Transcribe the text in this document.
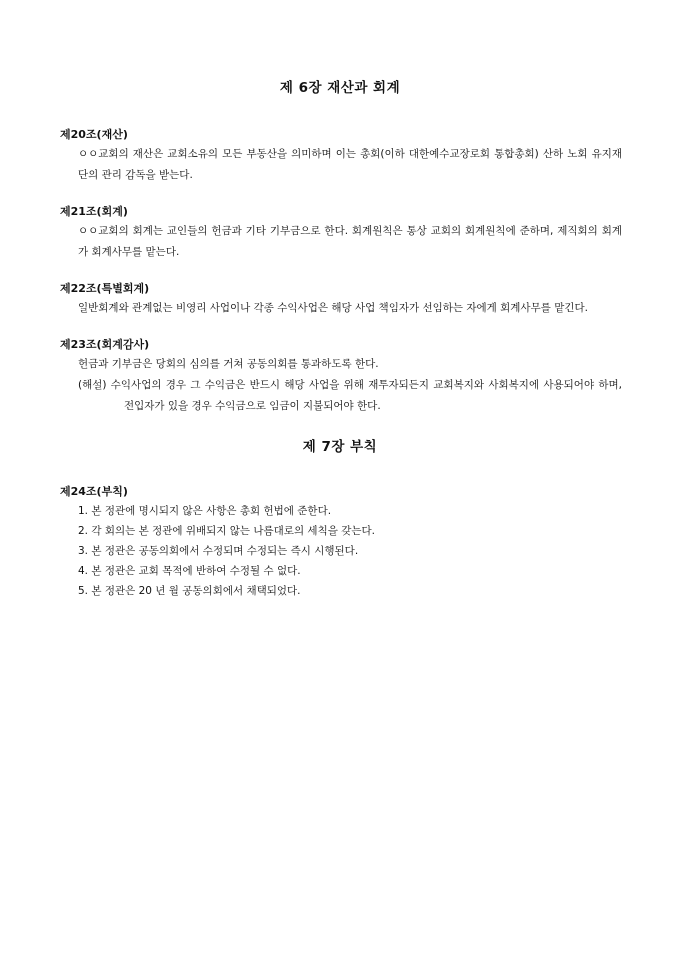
제 6장 재산과 회계

제20조(재산)

ㅇㅇ교회의 재산은 교회소유의 모든 부동산을 의미하며 이는 총회(이하 대한예수교장로회 통합총회) 산하 노회 유지재단의 관리 감독을 받는다.

제21조(회계)

ㅇㅇ교회의 회계는 교인들의 헌금과 기타 기부금으로 한다. 회계원칙은 통상 교회의 회계원칙에 준하며, 제직회의 회계가 회계사무를 맡는다.

제22조(특별회계)

일반회계와 관계없는 비영리 사업이나 각종 수익사업은 해당 사업 책임자가 선임하는 자에게 회계사무를 맡긴다.

제23조(회계감사)

헌금과 기부금은 당회의 심의를 거쳐 공동의회를 통과하도록 한다.

(해설) 수익사업의 경우 그 수익금은 반드시 해당 사업을 위해 재투자되든지 교회복지와 사회복지에 사용되어야 하며, 전입자가 있을 경우 수익금으로 임금이 지불되어야 한다.

제 7장 부칙

제24조(부칙)

1. 본 정관에 명시되지 않은 사항은 총회 헌법에 준한다.
2. 각 회의는 본 정관에 위배되지 않는 나름대로의 세칙을 갖는다.
3. 본 정관은 공동의회에서 수정되며 수정되는 즉시 시행된다.
4. 본 정관은 교회 목적에 반하여 수정될 수 없다.
5. 본 정관은 20 년 월 공동의회에서 채택되었다.
